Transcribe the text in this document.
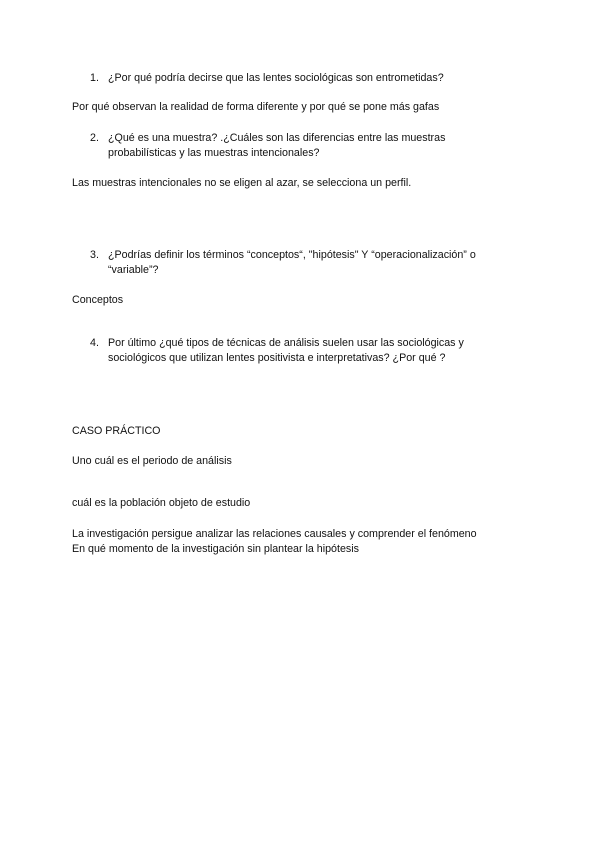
1. ¿Por qué podría decirse que las lentes sociológicas son entrometidas?
Por qué observan la realidad de forma diferente y por qué se pone más gafas
2. ¿Qué es una muestra? .¿Cuáles son las diferencias entre las muestras
probabilísticas y las muestras intencionales?
Las muestras intencionales no se eligen al azar, se selecciona un perfil.
3. ¿Podrías definir los términos “conceptos“, "hipótesis" Y “operacionalización” o
“variable”?
Conceptos
4. Por último ¿qué tipos de técnicas de análisis suelen usar las sociológicas y
sociológicos que utilizan lentes positivista e interpretativas? ¿Por qué ?
CASO PRÁCTICO
Uno cuál es el periodo de análisis
cuál es la población objeto de estudio
La investigación persigue analizar las relaciones causales y comprender el fenómeno
En qué momento de la investigación sin plantear la hipótesis
